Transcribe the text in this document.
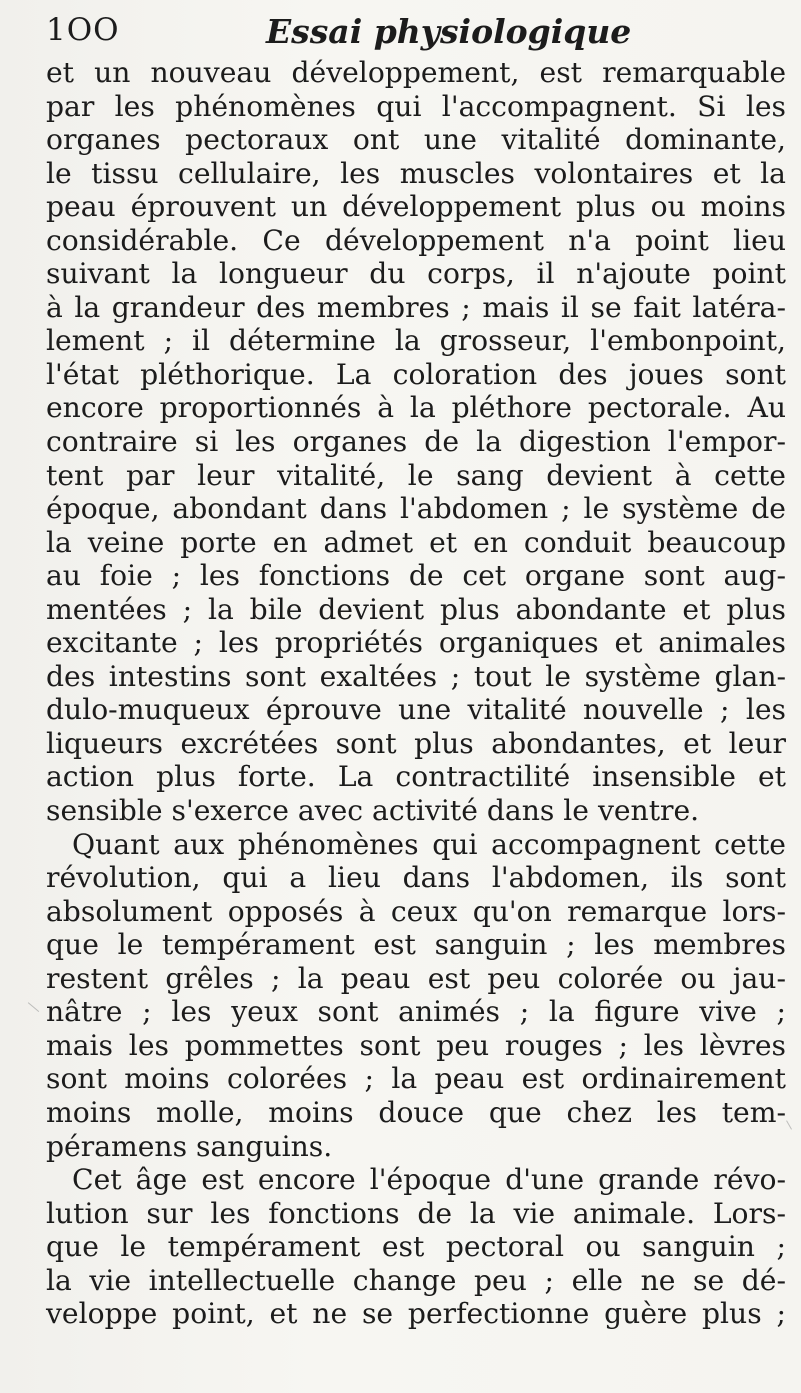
1OO	Essai physiologique
et un nouveau développement, est remarquable
par les phénomènes qui l'accompagnent. Si les
organes pectoraux ont une vitalité dominante,
le tissu cellulaire, les muscles volontaires et la
peau éprouvent un développement plus ou moins
considérable. Ce développement n'a point lieu
suivant la longueur du corps, il n'ajoute point
à la grandeur des membres ; mais il se fait latéra-
lement ; il détermine la grosseur, l'embonpoint,
l'état pléthorique. La coloration des joues sont
encore proportionnés à la pléthore pectorale. Au
contraire si les organes de la digestion l'empor-
tent par leur vitalité, le sang devient à cette
époque, abondant dans l'abdomen ; le système de
la veine porte en admet et en conduit beaucoup
au foie ; les fonctions de cet organe sont aug-
mentées ; la bile devient plus abondante et plus
excitante ; les propriétés organiques et animales
des intestins sont exaltées ; tout le système glan-
dulo-muqueux éprouve une vitalité nouvelle ; les
liqueurs excrétées sont plus abondantes, et leur
action plus forte. La contractilité insensible et
sensible s'exerce avec activité dans le ventre.
Quant aux phénomènes qui accompagnent cette
révolution, qui a lieu dans l'abdomen, ils sont
absolument opposés à ceux qu'on remarque lors-
que le tempérament est sanguin ; les membres
restent grêles ; la peau est peu colorée ou jau-
nâtre ; les yeux sont animés ; la figure vive ;
mais les pommettes sont peu rouges ; les lèvres
sont moins colorées ; la peau est ordinairement
moins molle, moins douce que chez les tem-
péramens sanguins.
Cet âge est encore l'époque d'une grande révo-
lution sur les fonctions de la vie animale. Lors-
que le tempérament est pectoral ou sanguin ;
la vie intellectuelle change peu ; elle ne se dé-
veloppe point, et ne se perfectionne guère plus ;
